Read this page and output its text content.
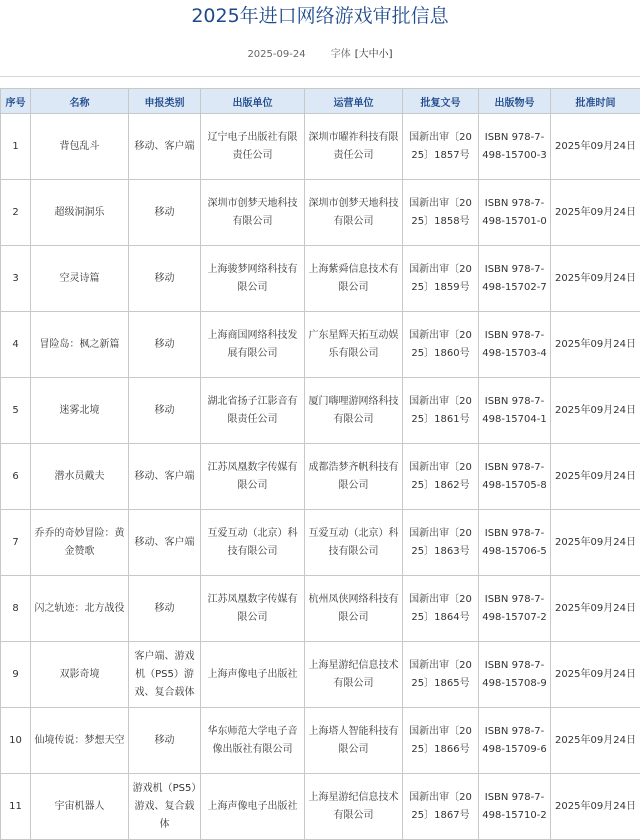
2025年进口网络游戏审批信息
2025-09-24	字体 [大中小]
序号	名称	申报类别	出版单位	运营单位	批复文号	出版物号	批准时间
1	背包乱斗	移动、客户端	辽宁电子出版社有限责任公司	深圳市曜祚科技有限责任公司	国新出审〔2025〕1857号	ISBN 978-7-498-15700-3	2025年09月24日
2	超级洞洞乐	移动	深圳市创梦天地科技有限公司	深圳市创梦天地科技有限公司	国新出审〔2025〕1858号	ISBN 978-7-498-15701-0	2025年09月24日
3	空灵诗篇	移动	上海骏梦网络科技有限公司	上海紫舜信息技术有限公司	国新出审〔2025〕1859号	ISBN 978-7-498-15702-7	2025年09月24日
4	冒险岛：枫之新篇	移动	上海商国网络科技发展有限公司	广东星辉天拓互动娱乐有限公司	国新出审〔2025〕1860号	ISBN 978-7-498-15703-4	2025年09月24日
5	迷雾北境	移动	湖北省扬子江影音有限责任公司	厦门嗨哩游网络科技有限公司	国新出审〔2025〕1861号	ISBN 978-7-498-15704-1	2025年09月24日
6	潜水员戴夫	移动、客户端	江苏凤凰数字传媒有限公司	成都浩梦齐帆科技有限公司	国新出审〔2025〕1862号	ISBN 978-7-498-15705-8	2025年09月24日
7	乔乔的奇妙冒险：黄金赞歌	移动、客户端	互爱互动（北京）科技有限公司	互爱互动（北京）科技有限公司	国新出审〔2025〕1863号	ISBN 978-7-498-15706-5	2025年09月24日
8	闪之轨迹：北方战役	移动	江苏凤凰数字传媒有限公司	杭州凤侠网络科技有限公司	国新出审〔2025〕1864号	ISBN 978-7-498-15707-2	2025年09月24日
9	双影奇境	客户端、游戏机（PS5）游戏、复合载体	上海声像电子出版社	上海星游纪信息技术有限公司	国新出审〔2025〕1865号	ISBN 978-7-498-15708-9	2025年09月24日
10	仙境传说：梦想天空	移动	华东师范大学电子音像出版社有限公司	上海塔人智能科技有限公司	国新出审〔2025〕1866号	ISBN 978-7-498-15709-6	2025年09月24日
11	宇宙机器人	游戏机（PS5）游戏、复合载体	上海声像电子出版社	上海星游纪信息技术有限公司	国新出审〔2025〕1867号	ISBN 978-7-498-15710-2	2025年09月24日
